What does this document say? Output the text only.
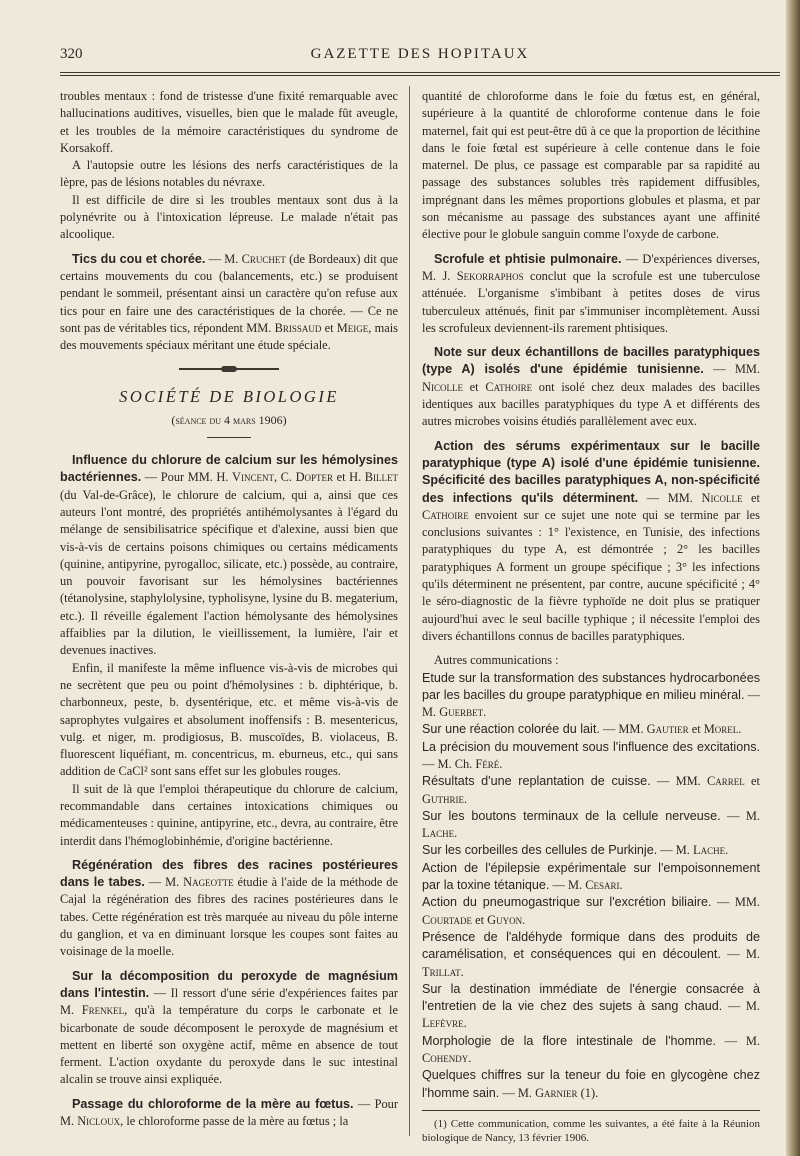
320	GAZETTE DES HOPITAUX

troubles mentaux : fond de tristesse d'une fixité remarquable avec hallucinations auditives, visuelles, bien que le malade fût aveugle, et les troubles de la mémoire caractéristiques du syndrome de Korsakoff.

A l'autopsie outre les lésions des nerfs caractéristiques de la lèpre, pas de lésions notables du névraxe.

Il est difficile de dire si les troubles mentaux sont dus à la polynévrite ou à l'intoxication lépreuse. Le malade n'était pas alcoolique.

Tics du cou et chorée. — M. Cruchet (de Bordeaux) dit que certains mouvements du cou (balancements, etc.) se produisent pendant le sommeil, présentant ainsi un caractère qu'on refuse aux tics pour en faire une des caractéristiques de la chorée. — Ce ne sont pas de véritables tics, répondent MM. Brissaud et Meige, mais des mouvements spéciaux méritant une étude spéciale.

SOCIÉTÉ DE BIOLOGIE
(séance du 4 mars 1906)

Influence du chlorure de calcium sur les hémolysines bactériennes. — Pour MM. H. Vincent, C. Dopter et H. Billet (du Val-de-Grâce), le chlorure de calcium, qui a, ainsi que ces auteurs l'ont montré, des propriétés antihémolysantes à l'égard du mélange de sensibilisatrice spécifique et d'alexine, aussi bien que vis-à-vis de certains poisons chimiques ou certains médicaments (quinine, antipyrine, pyrogalloc, silicate, etc.) possède, au contraire, un pouvoir favorisant sur les hémolysines bactériennes (tétanolysine, staphylolysine, typholisyne, lysine du B. megaterium, etc.). Il réveille également l'action hémolysante des hémolysines affaiblies par la dilution, le vieillissement, la lumière, l'air et devenues inactives.

Enfin, il manifeste la même influence vis-à-vis de microbes qui ne secrètent que peu ou point d'hémolysines : b. diphtérique, b. charbonneux, peste, b. dysentérique, etc. et même vis-à-vis de saprophytes vulgaires et absolument inoffensifs : B. mesentericus, vulg. et niger, m. prodigiosus, B. muscoïdes, B. violaceus, B. fluorescent liquéfiant, m. concentricus, m. eburneus, etc., qui sans addition de CaCl² sont sans effet sur les globules rouges.

Il suit de là que l'emploi thérapeutique du chlorure de calcium, recommandable dans certaines intoxications chimiques ou médicamenteuses : quinine, antipyrine, etc., devra, au contraire, être interdit dans l'hémoglobinhémie, d'origine bactérienne.

Régénération des fibres des racines postérieures dans le tabes. — M. Nageotte étudie à l'aide de la méthode de Cajal la régénération des fibres des racines postérieures dans le tabes. Cette régénération est très marquée au niveau du pôle interne du ganglion, et va en diminuant lorsque les coupes sont faites au voisinage de la moelle.

Sur la décomposition du peroxyde de magnésium dans l'intestin. — Il ressort d'une série d'expériences faites par M. Frenkel, qu'à la température du corps le carbonate et le bicarbonate de soude décomposent le peroxyde de magnésium et mettent en liberté son oxygène actif, même en absence de tout ferment. L'action oxydante du peroxyde dans le suc intestinal alcalin se trouve ainsi expliquée.

Passage du chloroforme de la mère au fœtus. — Pour M. Nicloux, le chloroforme passe de la mère au fœtus ; la

quantité de chloroforme dans le foie du fœtus est, en général, supérieure à la quantité de chloroforme contenue dans le foie maternel, fait qui est peut-être dû à ce que la proportion de lécithine dans le foie fœtal est supérieure à celle contenue dans le foie maternel. De plus, ce passage est comparable par sa rapidité au passage des substances solubles très rapidement diffusibles, imprégnant dans les mêmes proportions globules et plasma, et par son mécanisme au passage des substances ayant une affinité élective pour le globule sanguin comme l'oxyde de carbone.

Scrofule et phtisie pulmonaire. — D'expériences diverses, M. J. Sekorraphos conclut que la scrofule est une tuberculose atténuée. L'organisme s'imbibant à petites doses de virus tuberculeux atténués, finit par s'immuniser incomplètement. Aussi les scrofuleux deviennent-ils rarement phtisiques.

Note sur deux échantillons de bacilles paratyphiques (type A) isolés d'une épidémie tunisienne. — MM. Nicolle et Cathoire ont isolé chez deux malades des bacilles identiques aux bacilles paratyphiques du type A et différents des autres microbes voisins étudiés parallèlement avec eux.

Action des sérums expérimentaux sur le bacille paratyphique (type A) isolé d'une épidémie tunisienne. Spécificité des bacilles paratyphiques A, non-spécificité des infections qu'ils déterminent. — MM. Nicolle et Cathoire envoient sur ce sujet une note qui se termine par les conclusions suivantes : 1° l'existence, en Tunisie, des infections paratyphiques du type A, est démontrée ; 2° les bacilles paratyphiques A forment un groupe spécifique ; 3° les infections qu'ils déterminent ne présentent, par contre, aucune spécificité ; 4° le séro-diagnostic de la fièvre typhoïde ne doit plus se pratiquer aujourd'hui avec le seul bacille typhique ; il nécessite l'emploi des divers échantillons connus de bacilles paratyphiques.

Autres communications :

Etude sur la transformation des substances hydrocarbonées par les bacilles du groupe paratyphique en milieu minéral. — M. Guerbet.

Sur une réaction colorée du lait. — MM. Gautier et Morel.

La précision du mouvement sous l'influence des excitations. — M. Ch. Féré.

Résultats d'une replantation de cuisse. — MM. Carrel et Guthrie.

Sur les boutons terminaux de la cellule nerveuse. — M. Lache.

Sur les corbeilles des cellules de Purkinje. — M. Lache.

Action de l'épilepsie expérimentale sur l'empoisonnement par la toxine tétanique. — M. Cesari.

Action du pneumogastrique sur l'excrétion biliaire. — MM. Courtade et Guyon.

Présence de l'aldéhyde formique dans des produits de caramélisation, et conséquences qui en découlent. — M. Trillat.

Sur la destination immédiate de l'énergie consacrée à l'entretien de la vie chez des sujets à sang chaud. — M. Lefèvre.

Morphologie de la flore intestinale de l'homme. — M. Cohendy.

Quelques chiffres sur la teneur du foie en glycogène chez l'homme sain. — M. Garnier (1).

(1) Cette communication, comme les suivantes, a été faite à la Réunion biologique de Nancy, 13 février 1906.
